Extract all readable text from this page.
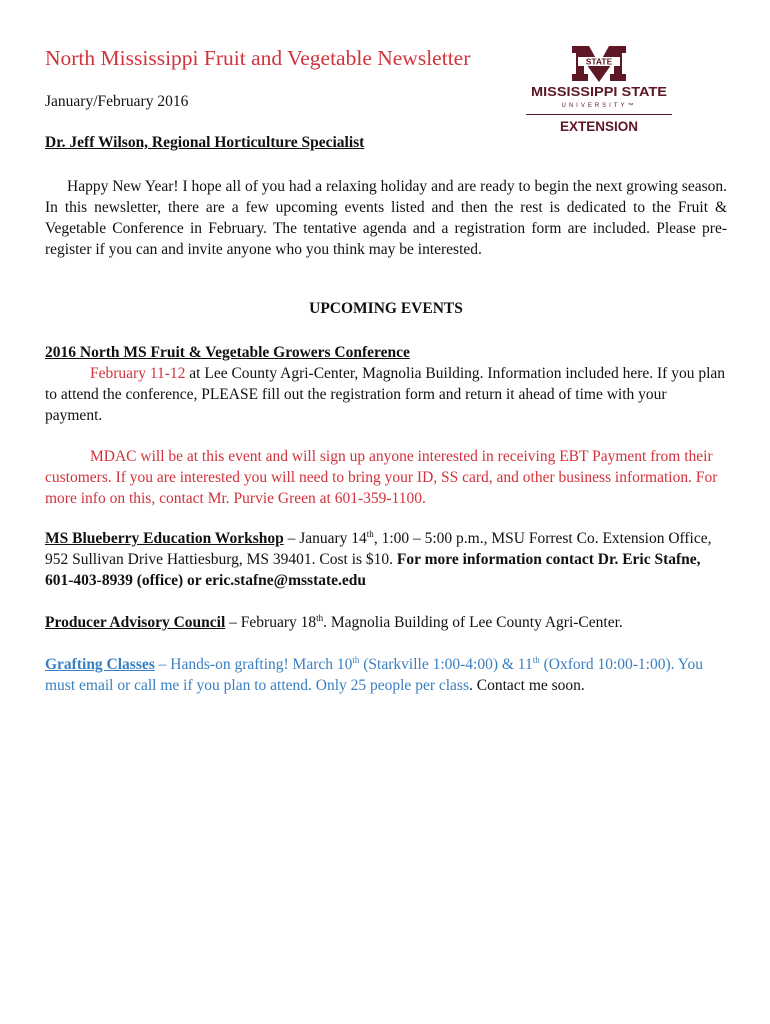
North Mississippi Fruit and Vegetable Newsletter
January/February 2016
Dr. Jeff Wilson, Regional Horticulture Specialist
STATE
MISSISSIPPI STATE
UNIVERSITY™
EXTENSION
Happy New Year! I hope all of you had a relaxing holiday and are ready to begin the next growing season. In this newsletter, there are a few upcoming events listed and then the rest is dedicated to the Fruit & Vegetable Conference in February. The tentative agenda and a registration form are included. Please pre-register if you can and invite anyone who you think may be interested.
UPCOMING EVENTS
2016 North MS Fruit & Vegetable Growers Conference
February 11-12 at Lee County Agri-Center, Magnolia Building. Information included here. If you plan to attend the conference, PLEASE fill out the registration form and return it ahead of time with your payment.
MDAC will be at this event and will sign up anyone interested in receiving EBT Payment from their customers. If you are interested you will need to bring your ID, SS card, and other business information. For more info on this, contact Mr. Purvie Green at 601-359-1100.
MS Blueberry Education Workshop – January 14th, 1:00 – 5:00 p.m., MSU Forrest Co. Extension Office, 952 Sullivan Drive Hattiesburg, MS 39401. Cost is $10. For more information contact Dr. Eric Stafne, 601-403-8939 (office) or eric.stafne@msstate.edu
Producer Advisory Council – February 18th. Magnolia Building of Lee County Agri-Center.
Grafting Classes – Hands-on grafting! March 10th (Starkville 1:00-4:00) & 11th (Oxford 10:00-1:00). You must email or call me if you plan to attend. Only 25 people per class. Contact me soon.
